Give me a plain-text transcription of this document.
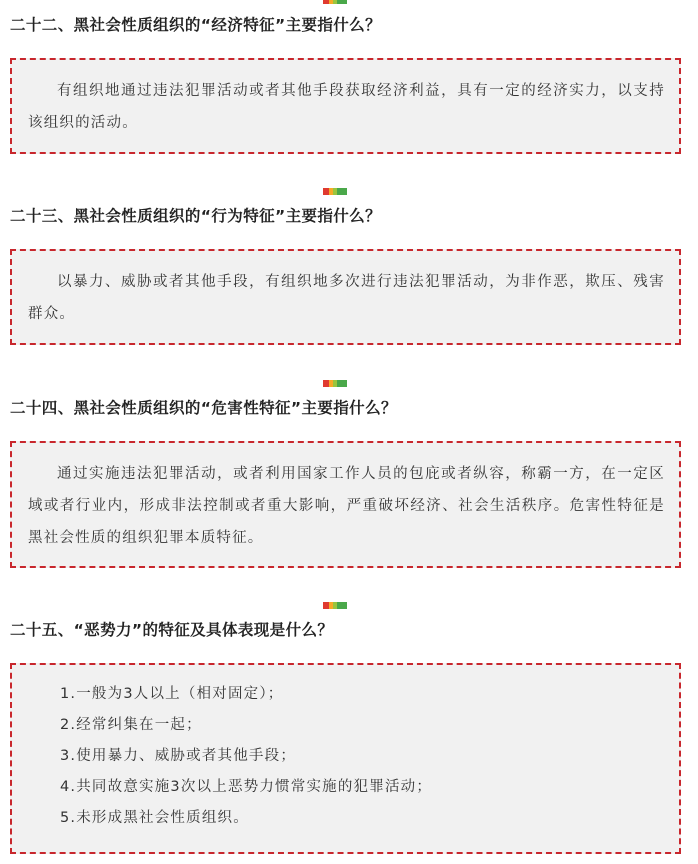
二十二、黑社会性质组织的“经济特征”主要指什么？
有组织地通过违法犯罪活动或者其他手段获取经济利益，具有一定的经济实力，以支持该组织的活动。
二十三、黑社会性质组织的“行为特征”主要指什么？
以暴力、威胁或者其他手段，有组织地多次进行违法犯罪活动，为非作恶，欺压、残害群众。
二十四、黑社会性质组织的“危害性特征”主要指什么？
通过实施违法犯罪活动，或者利用国家工作人员的包庇或者纵容，称霸一方，在一定区域或者行业内，形成非法控制或者重大影响，严重破坏经济、社会生活秩序。危害性特征是黑社会性质的组织犯罪本质特征。
二十五、“恶势力”的特征及具体表现是什么？
1.一般为3人以上（相对固定）；
2.经常纠集在一起；
3.使用暴力、威胁或者其他手段；
4.共同故意实施3次以上恶势力惯常实施的犯罪活动；
5.未形成黑社会性质组织。
